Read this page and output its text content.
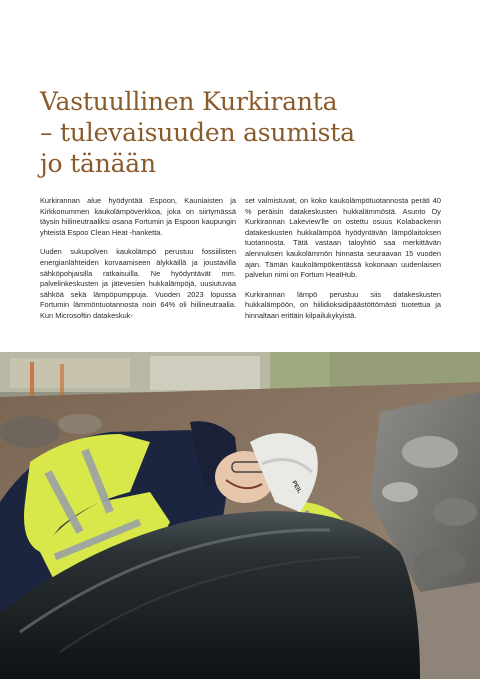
Vastuullinen Kurkiranta
– tulevaisuuden asumista
jo tänään

Kurkirannan alue hyödyntää Espoon, Kauniaisten ja Kirkkonummen kaukolämpöverkkoa, joka on siirtymässä täysin hiilineutraaliksi osana Fortumin ja Espoon kaupungin yhteistä Espoo Clean Heat -hanketta.

Uuden sukupolven kaukolämpö perustuu fossiilisten energianlähteiden korvaamiseen älykkäillä ja joustavilla sähköpohjaisilla ratkaisuilla. Ne hyödyntävät mm. palvelinkeskusten ja jätevesien hukkalämpöjä, uusiutuvaa sähköä sekä lämpöpumppuja. Vuoden 2023 lopussa Fortumin lämmöntuotannosta noin 64% oli hiilineutraalia. Kun Microsoftin datakeskuk-

set valmistuvat, on koko kaukolämpötuotannosta peräti 40 % peräisin datakeskusten hukkalämmöstä. Asunto Oy Kurkirannan Lakeview'lle on ostettu osuus Kolabackenin datakeskusten hukkalämpöä hyödyntävän lämpölaitoksen tuotannosta. Tätä vastaan taloyhtiö saa merkittävän alennuksen kaukolämmön hinnasta seuraavan 15 vuoden ajan. Tämän kaukolämpökentässä kokonaan uudenlaisen palvelun nimi on Fortum HeatHub.

Kurkirannan lämpö perustuu siis datakeskusten hukkalämpöön, on hiilidioksidipäästöttömästi tuotettua ja hinnaltaan erittäin kilpailukykyistä.

PEIL
